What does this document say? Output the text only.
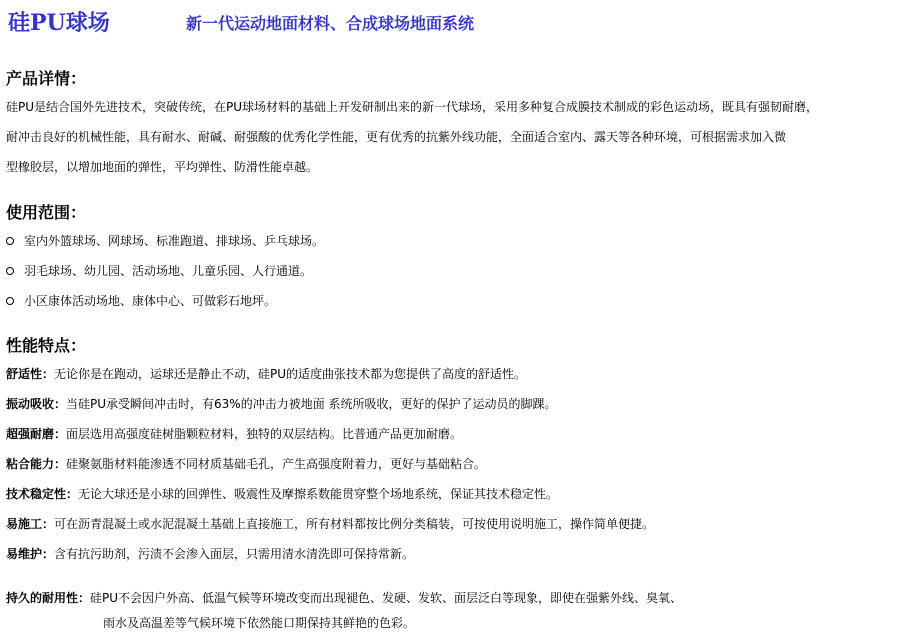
硅PU球场	新一代运动地面材料、合成球场地面系统
产品详情：
硅PU是结合国外先进技术，突破传统，在PU球场材料的基础上开发研制出来的新一代球场，采用多种复合成膜技术制成的彩色运动场，既具有强韧耐磨，
耐冲击良好的机械性能，具有耐水、耐碱、耐强酸的优秀化学性能，更有优秀的抗紫外线功能，全面适合室内、露天等各种环境，可根据需求加入微
型橡胶层，以增加地面的弹性，平均弹性、防滑性能卓越。
使用范围：
室内外篮球场、网球场、标准跑道、排球场、乒乓球场。
羽毛球场、幼儿园、活动场地、儿童乐园、人行通道。
小区康体活动场地、康体中心、可做彩石地坪。
性能特点：
舒适性：无论你是在跑动，运球还是静止不动，硅PU的适度曲张技术都为您提供了高度的舒适性。
振动吸收：当硅PU承受瞬间冲击时，有63%的冲击力被地面 系统所吸收，更好的保护了运动员的脚踝。
超强耐磨：面层选用高强度硅树脂颗粒材料，独特的双层结构。比普通产品更加耐磨。
粘合能力：硅聚氨脂材料能渗透不同材质基础毛孔，产生高强度附着力，更好与基础粘合。
技术稳定性：无论大球还是小球的回弹性、吸震性及摩擦系数能贯穿整个场地系统，保证其技术稳定性。
易施工：可在沥青混凝土或水泥混凝土基础上直接施工，所有材料都按比例分类稿装，可按使用说明施工，操作简单便捷。
易维护：含有抗污助剂，污渍不会渗入面层，只需用清水清洗即可保持常新。
持久的耐用性：硅PU不会因户外高、低温气候等环境改变而出现褪色、发硬、发软、面层泛白等现象，即使在强紫外线、臭氧、
雨水及高温差等气候环境下依然能口期保持其鲜艳的色彩。
